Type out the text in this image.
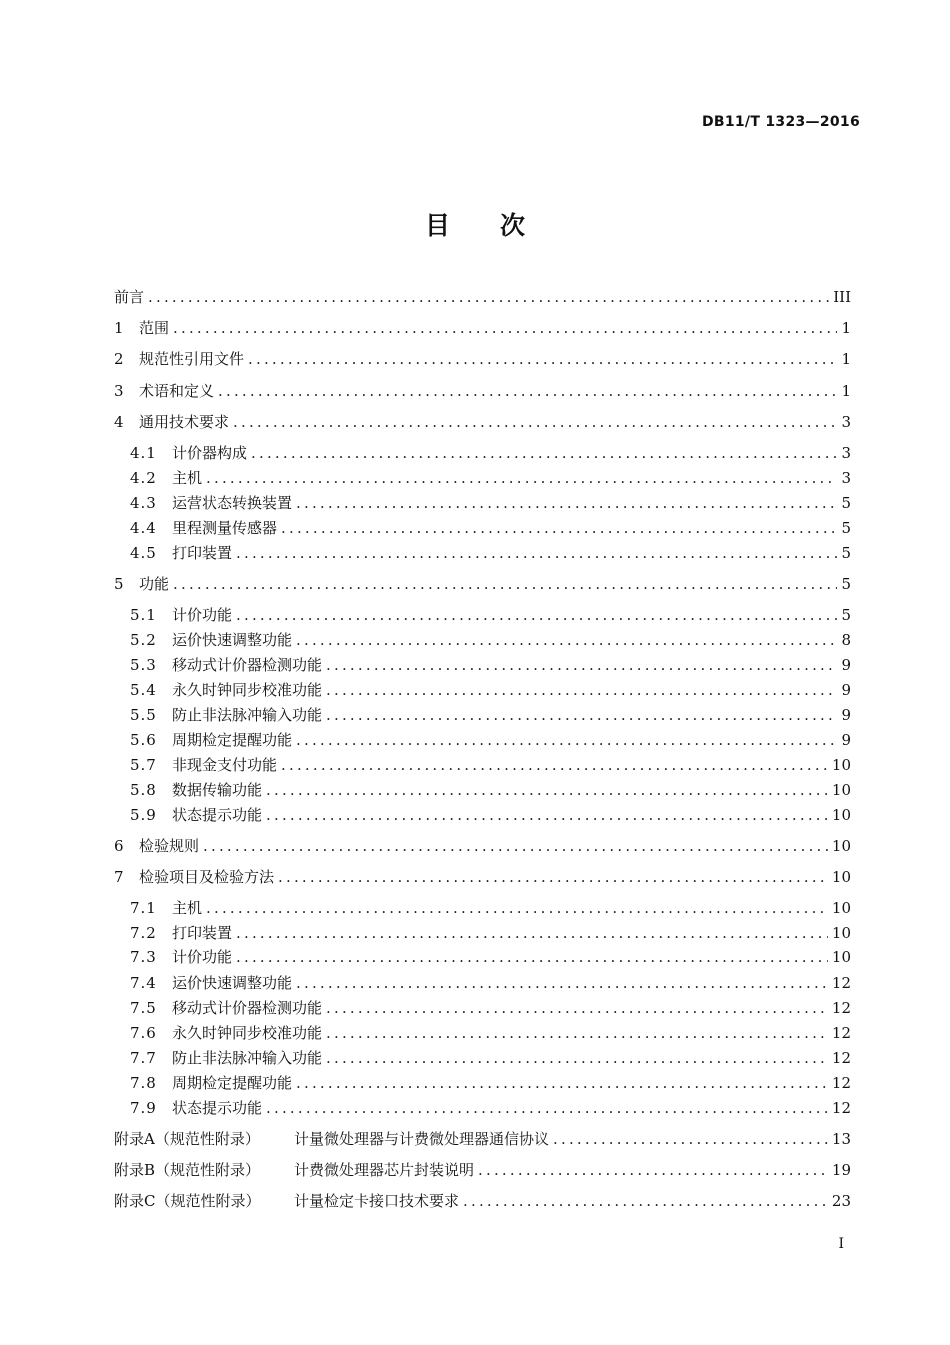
DB11/T 1323—2016
目 次
前言 .....	III
1	范围 .....	1
2	规范性引用文件 .....	1
3	术语和定义 .....	1
4	通用技术要求 .....	3
4.1	计价器构成 .....	3
4.2	主机 .....	3
4.3	运营状态转换装置 .....	5
4.4	里程测量传感器 .....	5
4.5	打印装置 .....	5
5	功能 .....	5
5.1	计价功能 .....	5
5.2	运价快速调整功能 .....	8
5.3	移动式计价器检测功能 .....	9
5.4	永久时钟同步校准功能 .....	9
5.5	防止非法脉冲输入功能 .....	9
5.6	周期检定提醒功能 .....	9
5.7	非现金支付功能 .....	10
5.8	数据传输功能 .....	10
5.9	状态提示功能 .....	10
6	检验规则 .....	10
7	检验项目及检验方法 .....	10
7.1	主机 .....	10
7.2	打印装置 .....	10
7.3	计价功能 .....	10
7.4	运价快速调整功能 .....	12
7.5	移动式计价器检测功能 .....	12
7.6	永久时钟同步校准功能 .....	12
7.7	防止非法脉冲输入功能 .....	12
7.8	周期检定提醒功能 .....	12
7.9	状态提示功能 .....	12
附录A（规范性附录）	计量微处理器与计费微处理器通信协议 .....	13
附录B（规范性附录）	计费微处理器芯片封装说明 .....	19
附录C（规范性附录）	计量检定卡接口技术要求 .....	23
I
